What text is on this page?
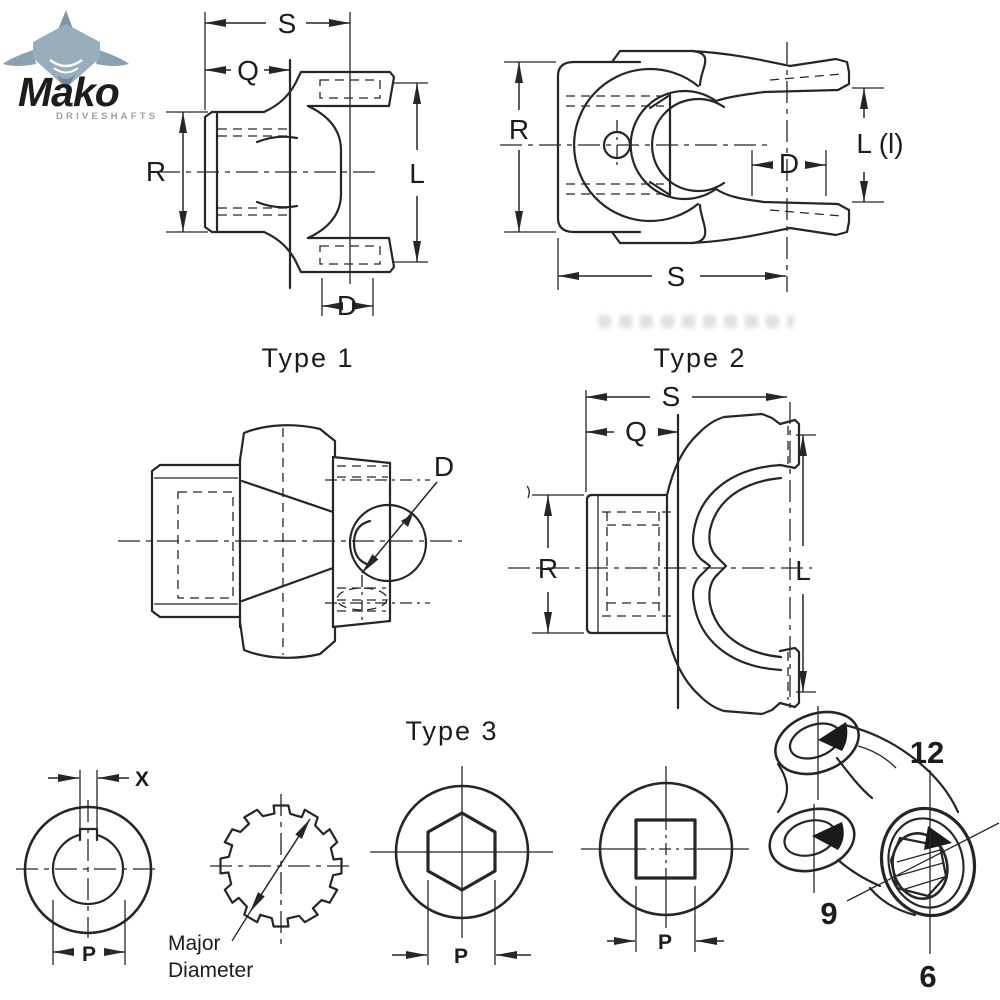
Mako
DRIVESHAFTS
S
Q
R	L
D
Type 1
R	L (l)
D
S
Type 2
D
Type 3
S
Q
R	L
X
P	Major
Diameter
P
P
12
9
6
